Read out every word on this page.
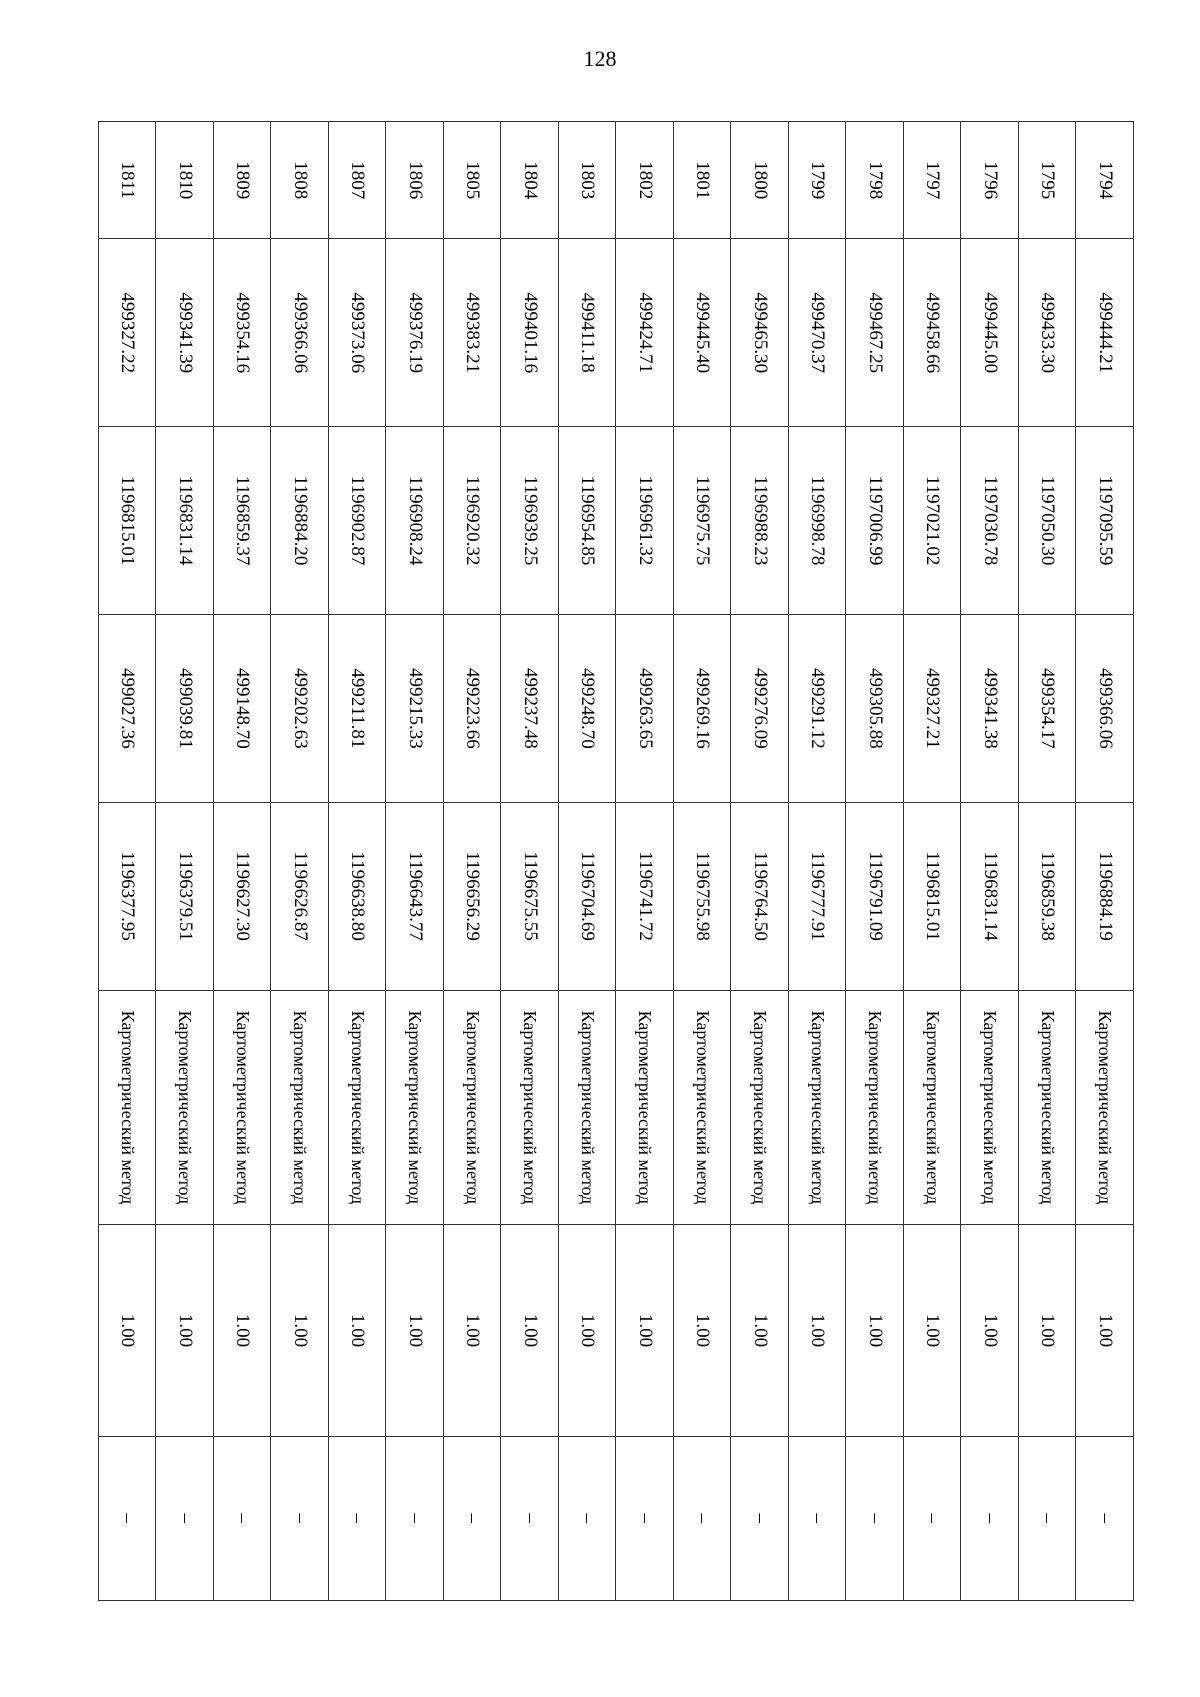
128
1794	499444.21	1197095.59	499366.06	1196884.19	Картометрический метод	1.00	–
1795	499433.30	1197050.30	499354.17	1196859.38	Картометрический метод	1.00	–
1796	499445.00	1197030.78	499341.38	1196831.14	Картометрический метод	1.00	–
1797	499458.66	1197021.02	499327.21	1196815.01	Картометрический метод	1.00	–
1798	499467.25	1197006.99	499305.88	1196791.09	Картометрический метод	1.00	–
1799	499470.37	1196998.78	499291.12	1196777.91	Картометрический метод	1.00	–
1800	499465.30	1196988.23	499276.09	1196764.50	Картометрический метод	1.00	–
1801	499445.40	1196975.75	499269.16	1196755.98	Картометрический метод	1.00	–
1802	499424.71	1196961.32	499263.65	1196741.72	Картометрический метод	1.00	–
1803	499411.18	1196954.85	499248.70	1196704.69	Картометрический метод	1.00	–
1804	499401.16	1196939.25	499237.48	1196675.55	Картометрический метод	1.00	–
1805	499383.21	1196920.32	499223.66	1196656.29	Картометрический метод	1.00	–
1806	499376.19	1196908.24	499215.33	1196643.77	Картометрический метод	1.00	–
1807	499373.06	1196902.87	499211.81	1196638.80	Картометрический метод	1.00	–
1808	499366.06	1196884.20	499202.63	1196626.87	Картометрический метод	1.00	–
1809	499354.16	1196859.37	499148.70	1196627.30	Картометрический метод	1.00	–
1810	499341.39	1196831.14	499039.81	1196379.51	Картометрический метод	1.00	–
1811	499327.22	1196815.01	499027.36	1196377.95	Картометрический метод	1.00	–
